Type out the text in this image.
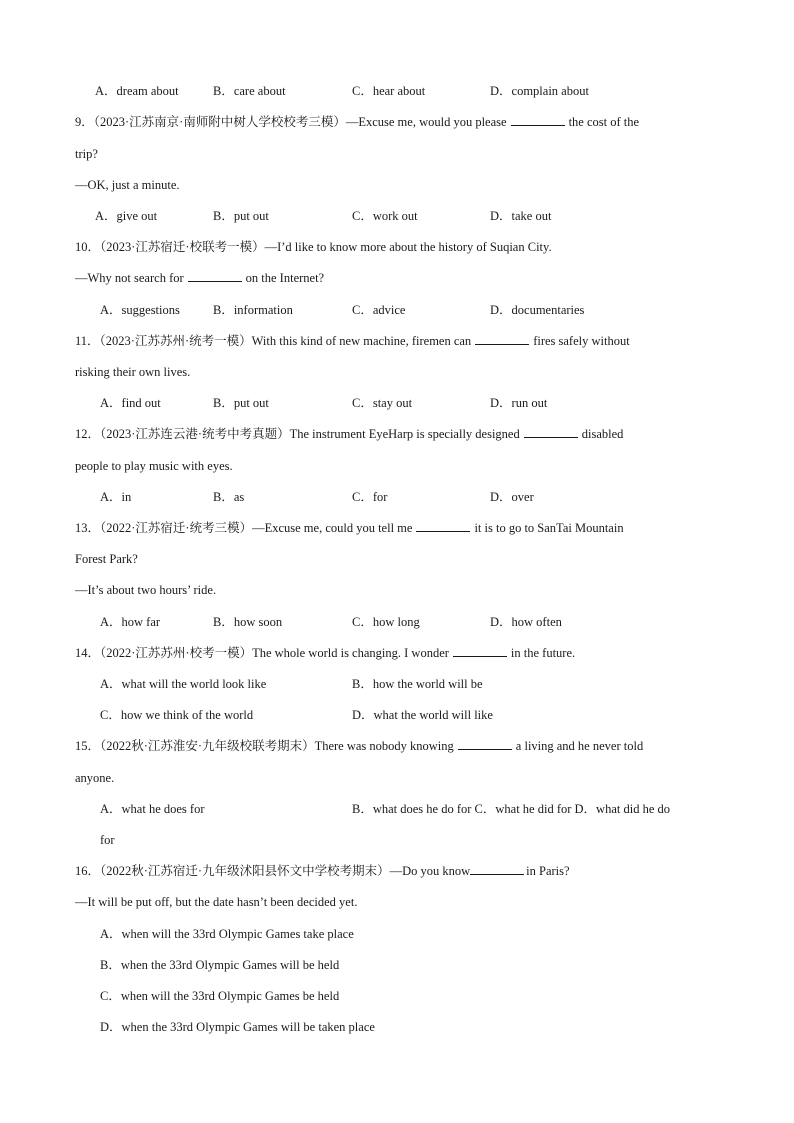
A．dream about	B．care about	C．hear about	D．complain about
9．（2023·江苏南京·南师附中树人学校校考三模）—Excuse me, would you please	the cost of the
trip?
—OK, just a minute.
A．give out	B．put out	C．work out	D．take out
10．（2023·江苏宿迁·校联考一模）—I’d like to know more about the history of Suqian City.
—Why not search for	on the Internet?
A．suggestions	B．information	C．advice	D．documentaries
11．（2023·江苏苏州·统考一模）With this kind of new machine, firemen can	fires safely without
risking their own lives.
A．find out	B．put out	C．stay out	D．run out
12．（2023·江苏连云港·统考中考真题）The instrument EyeHarp is specially designed	disabled
people to play music with eyes.
A．in	B．as	C．for	D．over
13．（2022·江苏宿迁·统考三模）—Excuse me, could you tell me	it is to go to SanTai Mountain
Forest Park?
—It’s about two hours’ ride.
A．how far	B．how soon	C．how long	D．how often
14．（2022·江苏苏州·校考一模）The whole world is changing. I wonder	in the future.
A．what will the world look like	B．how the world will be
C．how we think of the world	D．what the world will like
15．（2022秋·江苏淮安·九年级校联考期末）There was nobody knowing	a living and he never told
anyone.
A．what he does for	B．what does he do for C．what he did for D．what did he do
for
16．（2022秋·江苏宿迁·九年级沭阳县怀文中学校考期末）—Do you know	in Paris?
—It will be put off, but the date hasn’t been decided yet.
A．when will the 33rd Olympic Games take place
B．when the 33rd Olympic Games will be held
C．when will the 33rd Olympic Games be held
D．when the 33rd Olympic Games will be taken place
